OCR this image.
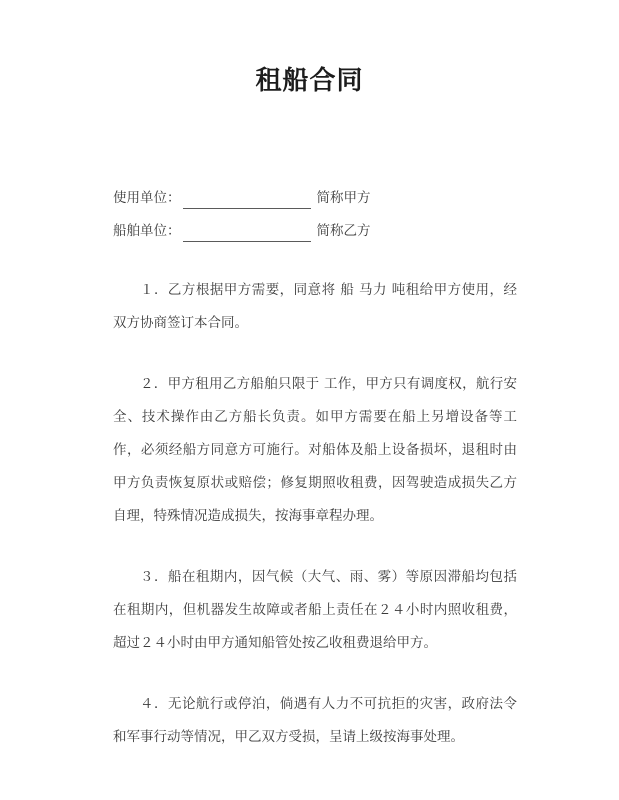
租船合同
使用单位：	简称甲方
船舶单位：	简称乙方

１．乙方根据甲方需要，同意将 船 马力 吨租给甲方使用，经双方协商签订本合同。

２．甲方租用乙方船舶只限于 工作，甲方只有调度权，航行安全、技术操作由乙方船长负责。如甲方需要在船上另增设备等工作，必须经船方同意方可施行。对船体及船上设备损坏，退租时由甲方负责恢复原状或赔偿；修复期照收租费，因驾驶造成损失乙方自理，特殊情况造成损失，按海事章程办理。

３．船在租期内，因气候（大气、雨、雾）等原因滞船均包括在租期内，但机器发生故障或者船上责任在２４小时内照收租费，超过２４小时由甲方通知船管处按乙收租费退给甲方。

４．无论航行或停泊，倘遇有人力不可抗拒的灾害，政府法令和军事行动等情况，甲乙双方受损，呈请上级按海事处理。
